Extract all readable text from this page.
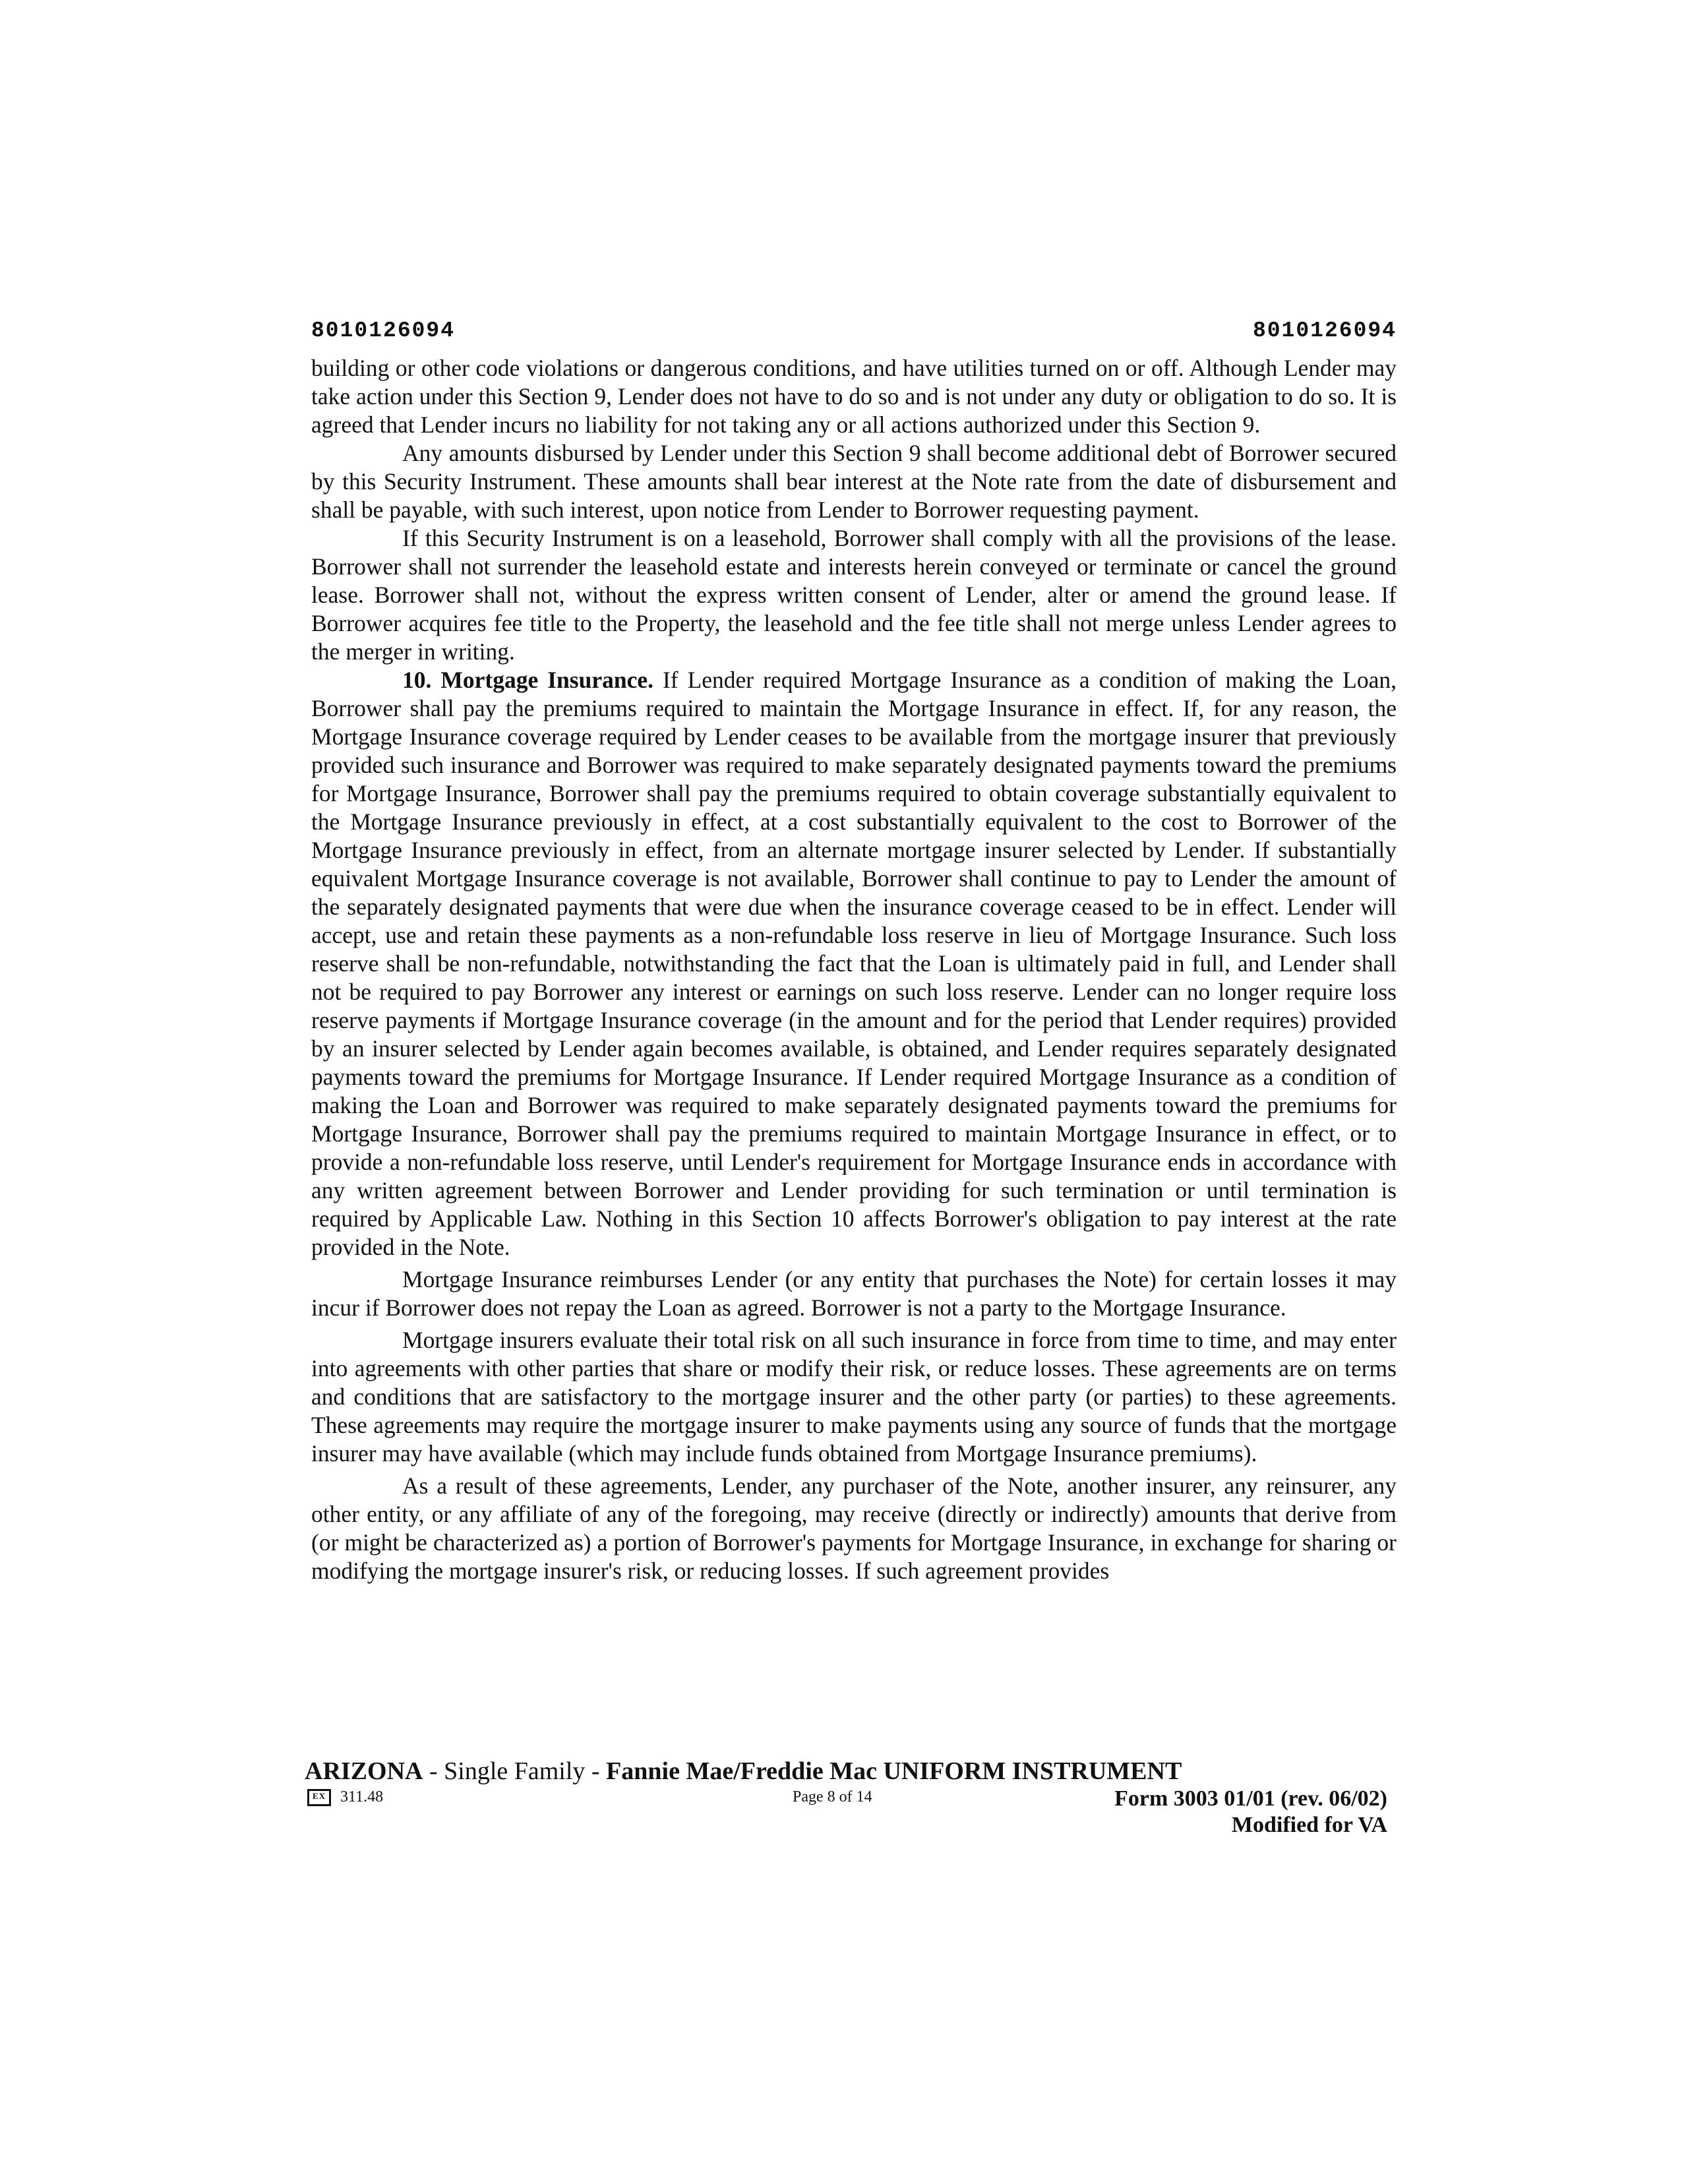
8010126094	8010126094

building or other code violations or dangerous conditions, and have utilities turned on or off. Although Lender may take action under this Section 9, Lender does not have to do so and is not under any duty or obligation to do so. It is agreed that Lender incurs no liability for not taking any or all actions authorized under this Section 9.

Any amounts disbursed by Lender under this Section 9 shall become additional debt of Borrower secured by this Security Instrument. These amounts shall bear interest at the Note rate from the date of disbursement and shall be payable, with such interest, upon notice from Lender to Borrower requesting payment.

If this Security Instrument is on a leasehold, Borrower shall comply with all the provisions of the lease. Borrower shall not surrender the leasehold estate and interests herein conveyed or terminate or cancel the ground lease. Borrower shall not, without the express written consent of Lender, alter or amend the ground lease. If Borrower acquires fee title to the Property, the leasehold and the fee title shall not merge unless Lender agrees to the merger in writing.

10. Mortgage Insurance. If Lender required Mortgage Insurance as a condition of making the Loan, Borrower shall pay the premiums required to maintain the Mortgage Insurance in effect. If, for any reason, the Mortgage Insurance coverage required by Lender ceases to be available from the mortgage insurer that previously provided such insurance and Borrower was required to make separately designated payments toward the premiums for Mortgage Insurance, Borrower shall pay the premiums required to obtain coverage substantially equivalent to the Mortgage Insurance previously in effect, at a cost substantially equivalent to the cost to Borrower of the Mortgage Insurance previously in effect, from an alternate mortgage insurer selected by Lender. If substantially equivalent Mortgage Insurance coverage is not available, Borrower shall continue to pay to Lender the amount of the separately designated payments that were due when the insurance coverage ceased to be in effect. Lender will accept, use and retain these payments as a non-refundable loss reserve in lieu of Mortgage Insurance. Such loss reserve shall be non-refundable, notwithstanding the fact that the Loan is ultimately paid in full, and Lender shall not be required to pay Borrower any interest or earnings on such loss reserve. Lender can no longer require loss reserve payments if Mortgage Insurance coverage (in the amount and for the period that Lender requires) provided by an insurer selected by Lender again becomes available, is obtained, and Lender requires separately designated payments toward the premiums for Mortgage Insurance. If Lender required Mortgage Insurance as a condition of making the Loan and Borrower was required to make separately designated payments toward the premiums for Mortgage Insurance, Borrower shall pay the premiums required to maintain Mortgage Insurance in effect, or to provide a non-refundable loss reserve, until Lender's requirement for Mortgage Insurance ends in accordance with any written agreement between Borrower and Lender providing for such termination or until termination is required by Applicable Law. Nothing in this Section 10 affects Borrower's obligation to pay interest at the rate provided in the Note.

Mortgage Insurance reimburses Lender (or any entity that purchases the Note) for certain losses it may incur if Borrower does not repay the Loan as agreed. Borrower is not a party to the Mortgage Insurance.

Mortgage insurers evaluate their total risk on all such insurance in force from time to time, and may enter into agreements with other parties that share or modify their risk, or reduce losses. These agreements are on terms and conditions that are satisfactory to the mortgage insurer and the other party (or parties) to these agreements. These agreements may require the mortgage insurer to make payments using any source of funds that the mortgage insurer may have available (which may include funds obtained from Mortgage Insurance premiums).

As a result of these agreements, Lender, any purchaser of the Note, another insurer, any reinsurer, any other entity, or any affiliate of any of the foregoing, may receive (directly or indirectly) amounts that derive from (or might be characterized as) a portion of Borrower's payments for Mortgage Insurance, in exchange for sharing or modifying the mortgage insurer's risk, or reducing losses. If such agreement provides

ARIZONA - Single Family - Fannie Mae/Freddie Mac UNIFORM INSTRUMENT
EX 311.48	Page 8 of 14	Form 3003 01/01 (rev. 06/02)
Modified for VA
